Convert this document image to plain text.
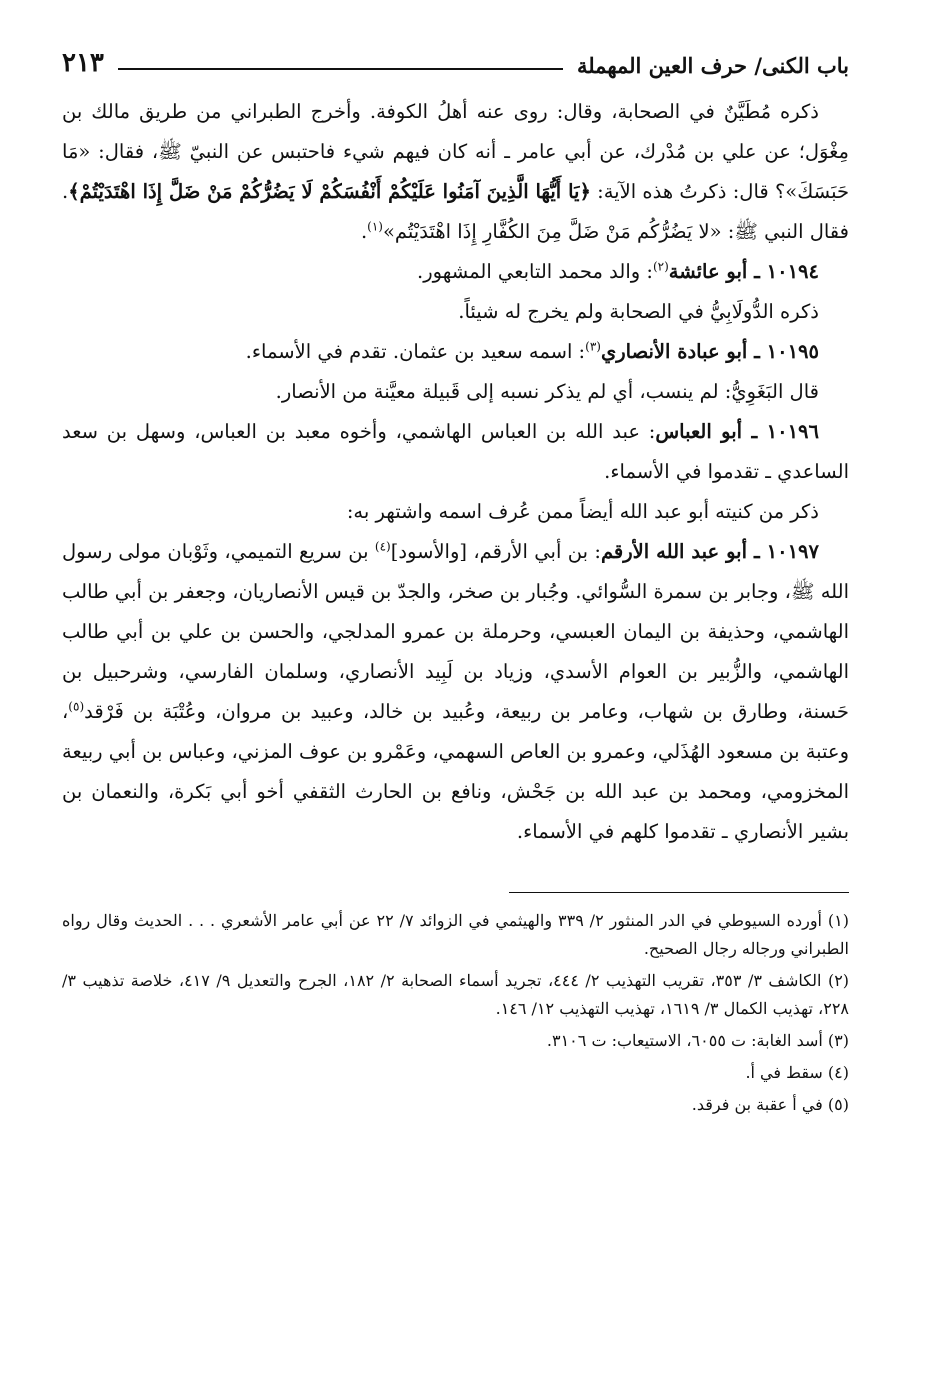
باب الكنى/ حرف العين المهملة
٢١٣

ذكره مُطَيَّنٌ في الصحابة، وقال: روى عنه أهلُ الكوفة. وأخرج الطبراني من طريق مالك بن مِغْوَل؛ عن علي بن مُدْرك، عن أبي عامر ـ أنه كان فيهم شيء فاحتبس عن النبيّ ﷺ، فقال: «مَا حَبَسَكَ»؟ قال: ذكرتُ هذه الآية: ﴿يَا أَيُّهَا الَّذِينَ آمَنُوا عَلَيْكُمْ أَنْفُسَكُمْ لَا يَضُرُّكُمْ مَنْ ضَلَّ إِذَا اهْتَدَيْتُمْ﴾. فقال النبي ﷺ: «لا يَضُرُّكُم مَنْ ضَلَّ مِنَ الكُفَّارِ إِذَا اهْتَدَيْتُم»$^{(١)}$.

١٠١٩٤ ـ أبو عائشة$^{(٢)}$: والد محمد التابعي المشهور.

ذكره الدُّولَابِيُّ في الصحابة ولم يخرج له شيئاً.

١٠١٩٥ ـ أبو عبادة الأنصاري$^{(٣)}$: اسمه سعيد بن عثمان. تقدم في الأسماء.

قال البَغَوِيُّ: لم ينسب، أي لم يذكر نسبه إلى قَبيلة معيَّنة من الأنصار.

١٠١٩٦ ـ أبو العباس: عبد الله بن العباس الهاشمي، وأخوه معبد بن العباس، وسهل بن سعد الساعدي ـ تقدموا في الأسماء.

ذكر من كنيته أبو عبد الله أيضاً ممن عُرف اسمه واشتهر به:

١٠١٩٧ ـ أبو عبد الله الأرقم: بن أبي الأرقم، [والأسود]$^{(٤)}$ بن سريع التميمي، وثَوْبان مولى رسول الله ﷺ، وجابر بن سمرة السُّوائي. وجُبار بن صخر، والجدّ بن قيس الأنصاريان، وجعفر بن أبي طالب الهاشمي، وحذيفة بن اليمان العبسي، وحرملة بن عمرو المدلجي، والحسن بن علي بن أبي طالب الهاشمي، والزُّبير بن العوام الأسدي، وزياد بن لَبِيد الأنصاري، وسلمان الفارسي، وشرحبيل بن حَسنة، وطارق بن شهاب، وعامر بن ربيعة، وعُبيد بن خالد، وعبيد بن مروان، وعُتْبَة بن فَرْقد$^{(٥)}$، وعتبة بن مسعود الهُذَلي، وعمرو بن العاص السهمي، وعَمْرو بن عوف المزني، وعباس بن أبي ربيعة المخزومي، ومحمد بن عبد الله بن جَحْش، ونافع بن الحارث الثقفي أخو أبي بَكرة، والنعمان بن بشير الأنصاري ـ تقدموا كلهم في الأسماء.

(١) أورده السيوطي في الدر المنثور ٢/ ٣٣٩ والهيثمي في الزوائد ٧/ ٢٢ عن أبي عامر الأشعري . . . الحديث وقال رواه الطبراني ورجاله رجال الصحيح.

(٢) الكاشف ٣/ ٣٥٣، تقريب التهذيب ٢/ ٤٤٤، تجريد أسماء الصحابة ٢/ ١٨٢، الجرح والتعديل ٩/ ٤١٧، خلاصة تذهيب ٣/ ٢٢٨، تهذيب الكمال ٣/ ١٦١٩، تهذيب التهذيب ١٢/ ١٤٦.

(٣) أسد الغابة: ت ٦٠٥٥، الاستيعاب: ت ٣١٠٦.

(٤) سقط في أ.

(٥) في أ عقبة بن فرقد.
